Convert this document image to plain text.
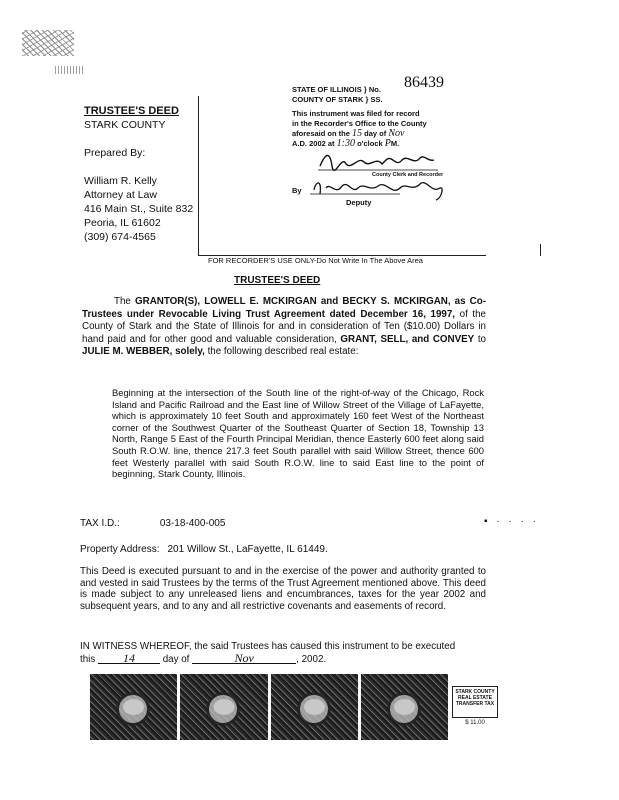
TRUSTEE'S DEED
STARK COUNTY
Prepared By:
William R. Kelly
Attorney at Law
416 Main St., Suite 832
Peoria, IL 61602
(309) 674-4565
86439
STATE OF ILLINOIS } No.
COUNTY OF STARK } SS.
This instrument was filed for record
in the Recorder's Office to the County
aforesaid on the 15 day of Nov
A.D. 2002 at 1:30 o'clock PM.
County Clerk and Recorder
By
Deputy
FOR RECORDER'S USE ONLY-Do Not Write In The Above Area
TRUSTEE'S DEED
The GRANTOR(S), LOWELL E. MCKIRGAN and BECKY S. MCKIRGAN, as Co-Trustees under Revocable Living Trust Agreement dated December 16, 1997, of the County of Stark and the State of Illinois for and in consideration of Ten ($10.00) Dollars in hand paid and for other good and valuable consideration, GRANT, SELL, and CONVEY to JULIE M. WEBBER, solely, the following described real estate:
Beginning at the intersection of the South line of the right-of-way of the Chicago, Rock Island and Pacific Railroad and the East line of Willow Street of the Village of LaFayette, which is approximately 10 feet South and approximately 160 feet West of the Northeast corner of the Southwest Quarter of the Southeast Quarter of Section 18, Township 13 North, Range 5 East of the Fourth Principal Meridian, thence Easterly 600 feet along said South R.O.W. line, thence 217.3 feet South parallel with said Willow Street, thence 600 feet Westerly parallel with said South R.O.W. line to said East line to the point of beginning, Stark County, Illinois.
TAX I.D.:	03-18-400-005	▪ · · · ·
Property Address: 201 Willow St., LaFayette, IL 61449.
This Deed is executed pursuant to and in the exercise of the power and authority granted to and vested in said Trustees by the terms of the Trust Agreement mentioned above. This deed is made subject to any unreleased liens and encumbrances, taxes for the year 2002 and subsequent years, and to any and all restrictive covenants and easements of record.
IN WITNESS WHEREOF, the said Trustees has caused this instrument to be executed
this 14	day of	Nov	, 2002.
STARK COUNTY
REAL ESTATE
TRANSFER TAX
$ 11.00
